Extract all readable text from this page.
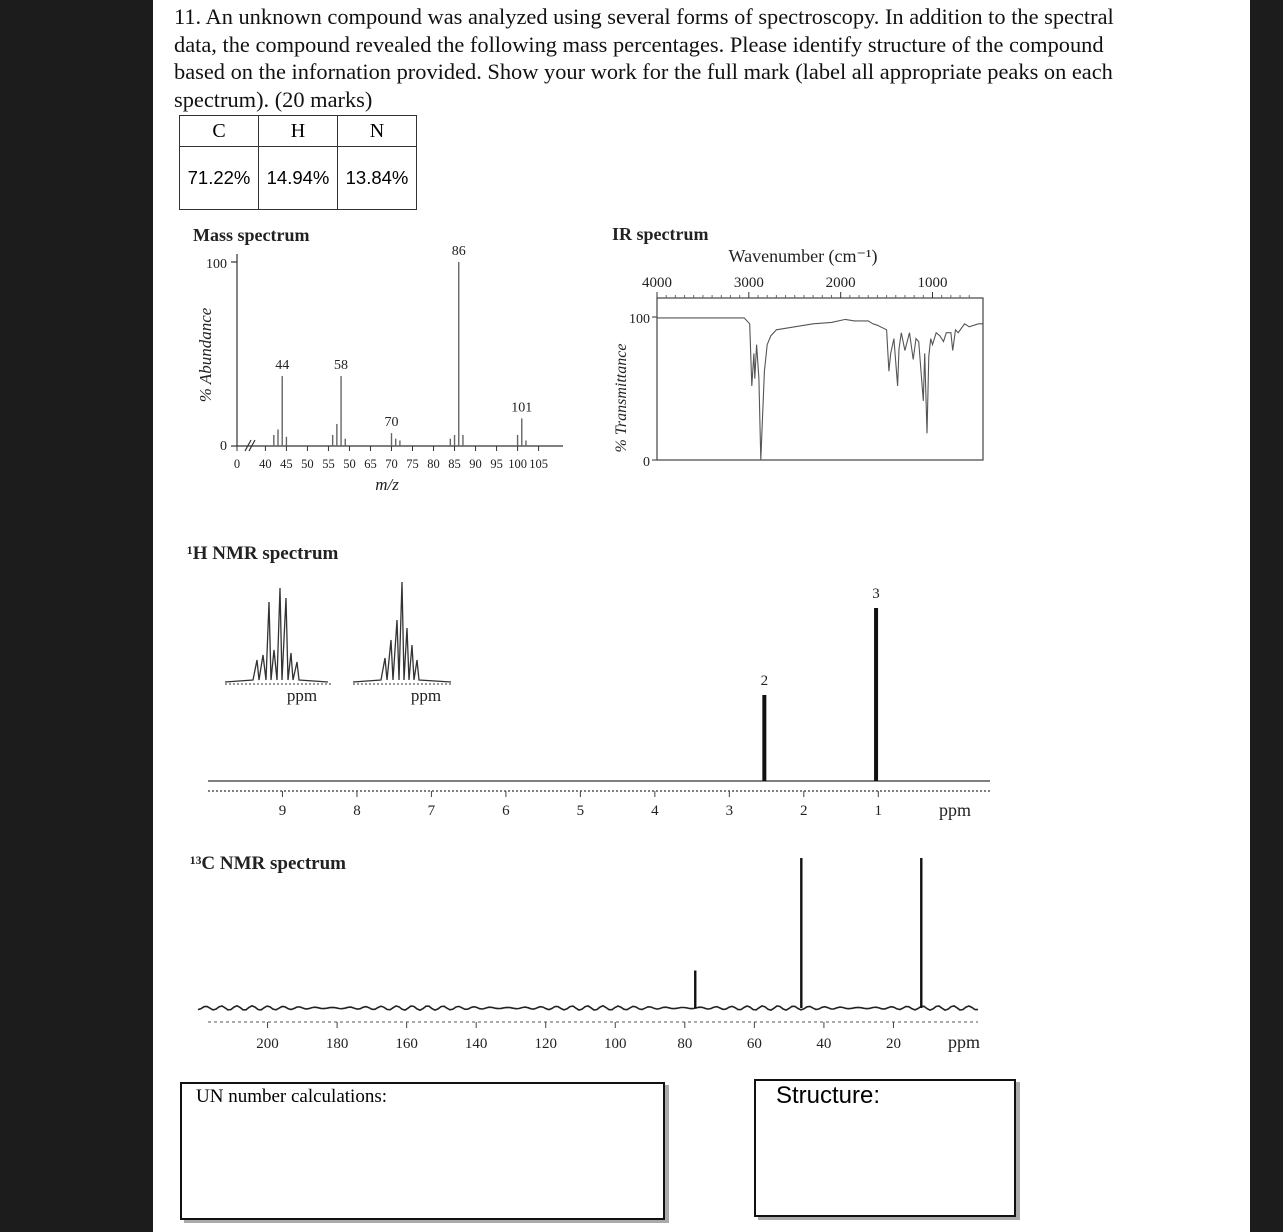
11. An unknown compound was analyzed using several forms of spectroscopy. In addition to the spectral data, the compound revealed the following mass percentages. Please identify structure of the compound based on the infornation provided. Show your work for the full mark (label all appropriate peaks on each spectrum). (20 marks)

C	H	N
71.22%	14.94%	13.84%
Mass spectrum
% Abundance
100
0
0 40 45 50 55 50 65 70 75 80 85 90 95 100 105
44	58
70
86
101
m/z
IR spectrum
Wavenumber (cm⁻¹)
% Transmittance
100
0
4000	3000	2000	1000
¹H NMR spectrum
ppm	ppm
9	8	7	6	5	4	3	2	1
2
3
ppm
¹³C NMR spectrum
200	180	160	140	120	100	80	60	40	20	ppm
UN number calculations:	Structure:
